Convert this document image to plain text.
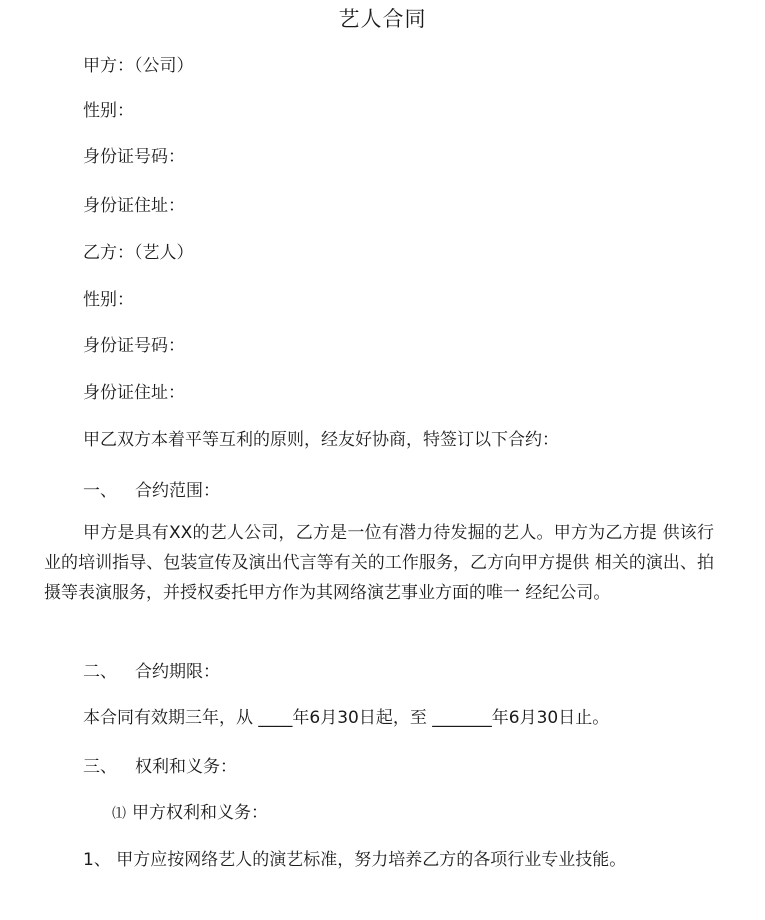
艺人合同
甲方：（公司）
性别：
身份证号码：
身份证住址：
乙方：（艺人）
性别：
身份证号码：
身份证住址：
甲乙双方本着平等互利的原则，经友好协商，特签订以下合约：
一、 合约范围：
甲方是具有XX的艺人公司，乙方是一位有潜力待发掘的艺人。甲方为乙方提 供该行业的培训指导、包装宣传及演出代言等有关的工作服务，乙方向甲方提供 相关的演出、拍摄等表演服务，并授权委托甲方作为其网络演艺事业方面的唯一 经纪公司。
二、 合约期限：
本合同有效期三年，从 ____年6月30日起，至 _______年6月30日止。
三、 权利和义务：
⑴ 甲方权利和义务：
1、 甲方应按网络艺人的演艺标准，努力培养乙方的各项行业专业技能。
